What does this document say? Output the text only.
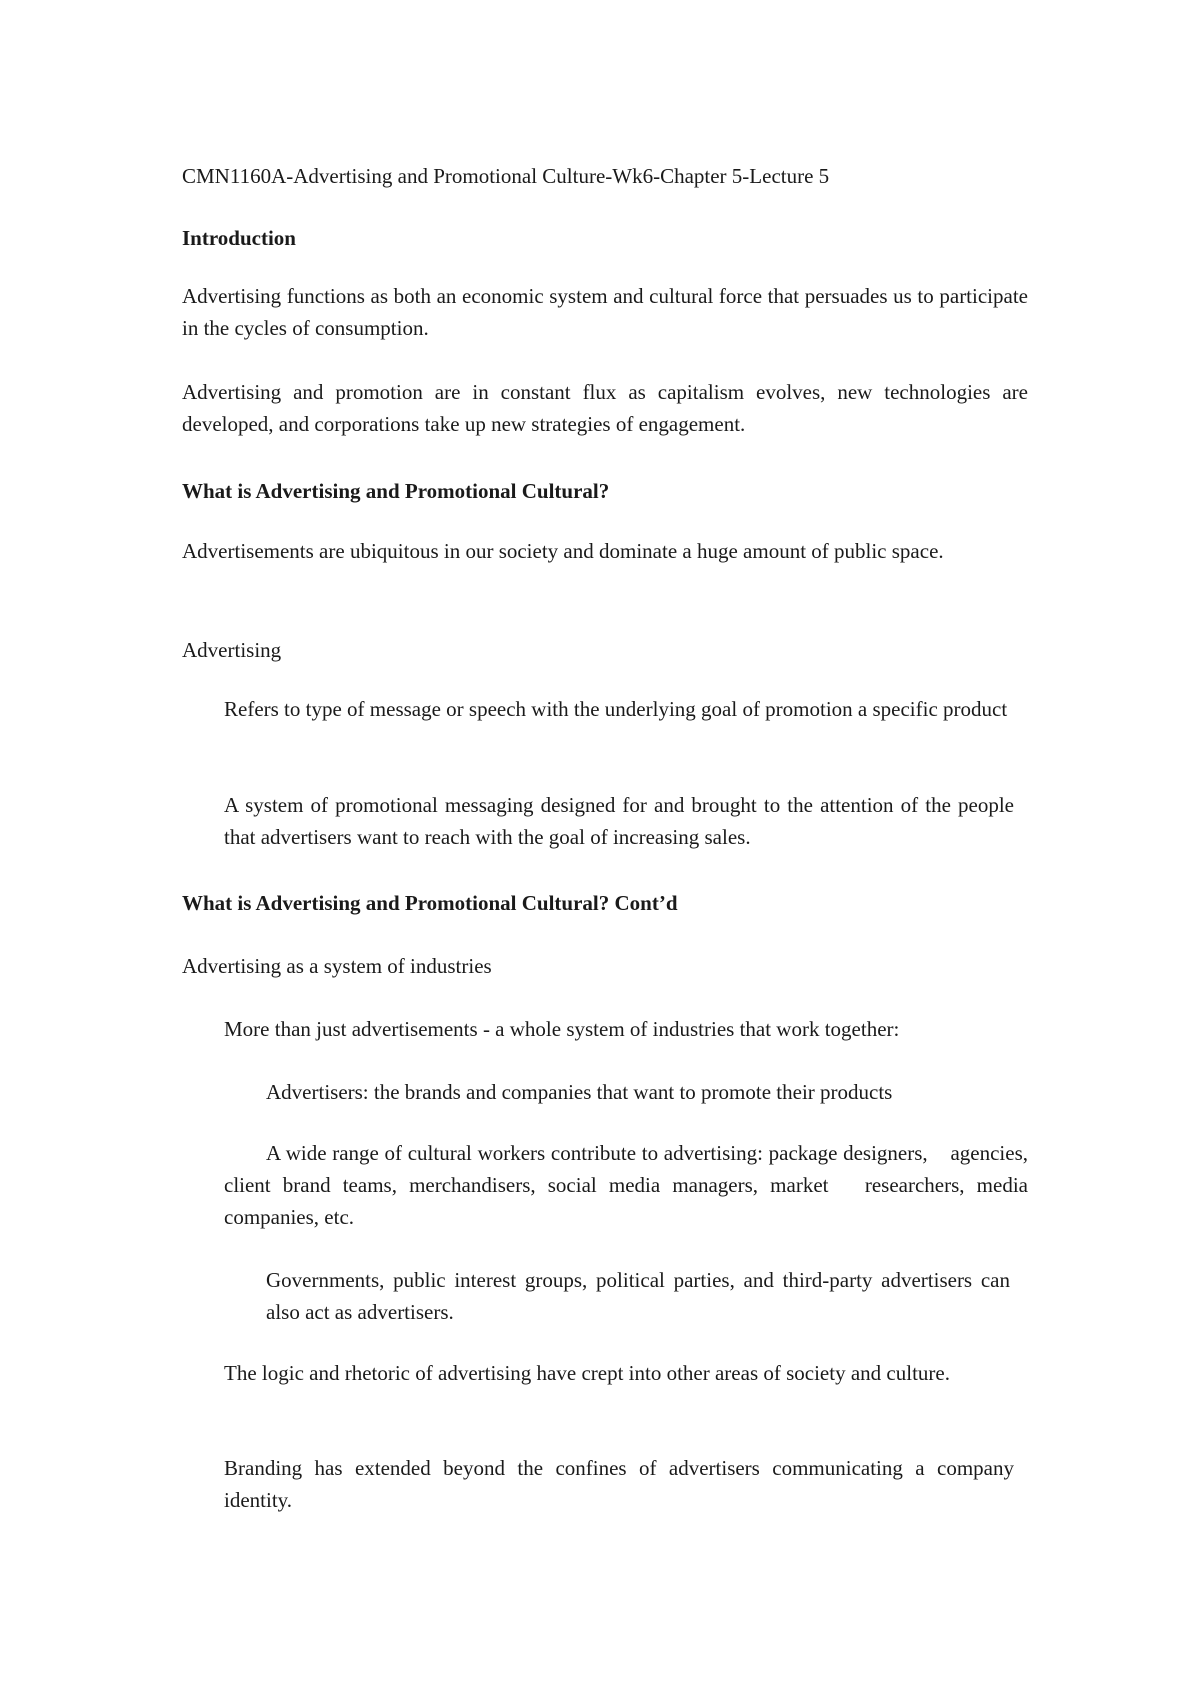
CMN1160A-Advertising and Promotional Culture-Wk6-Chapter 5-Lecture 5
Introduction
Advertising functions as both an economic system and cultural force that persuades us to participate in the cycles of consumption.
Advertising and promotion are in constant flux as capitalism evolves, new technologies are developed, and corporations take up new strategies of engagement.
What is Advertising and Promotional Cultural?
Advertisements are ubiquitous in our society and dominate a huge amount of public space.
Advertising
Refers to type of message or speech with the underlying goal of promotion a specific product
A system of promotional messaging designed for and brought to the attention of the people that advertisers want to reach with the goal of increasing sales.
What is Advertising and Promotional Cultural? Cont’d
Advertising as a system of industries
More than just advertisements - a whole system of industries that work together:
Advertisers: the brands and companies that want to promote their products
A wide range of cultural workers contribute to advertising: package designers,    agencies, client brand teams, merchandisers, social media managers, market   researchers, media companies, etc.
Governments, public interest groups, political parties, and third-party advertisers can also act as advertisers.
The logic and rhetoric of advertising have crept into other areas of society and culture.
Branding has extended beyond the confines of advertisers communicating a company identity.
